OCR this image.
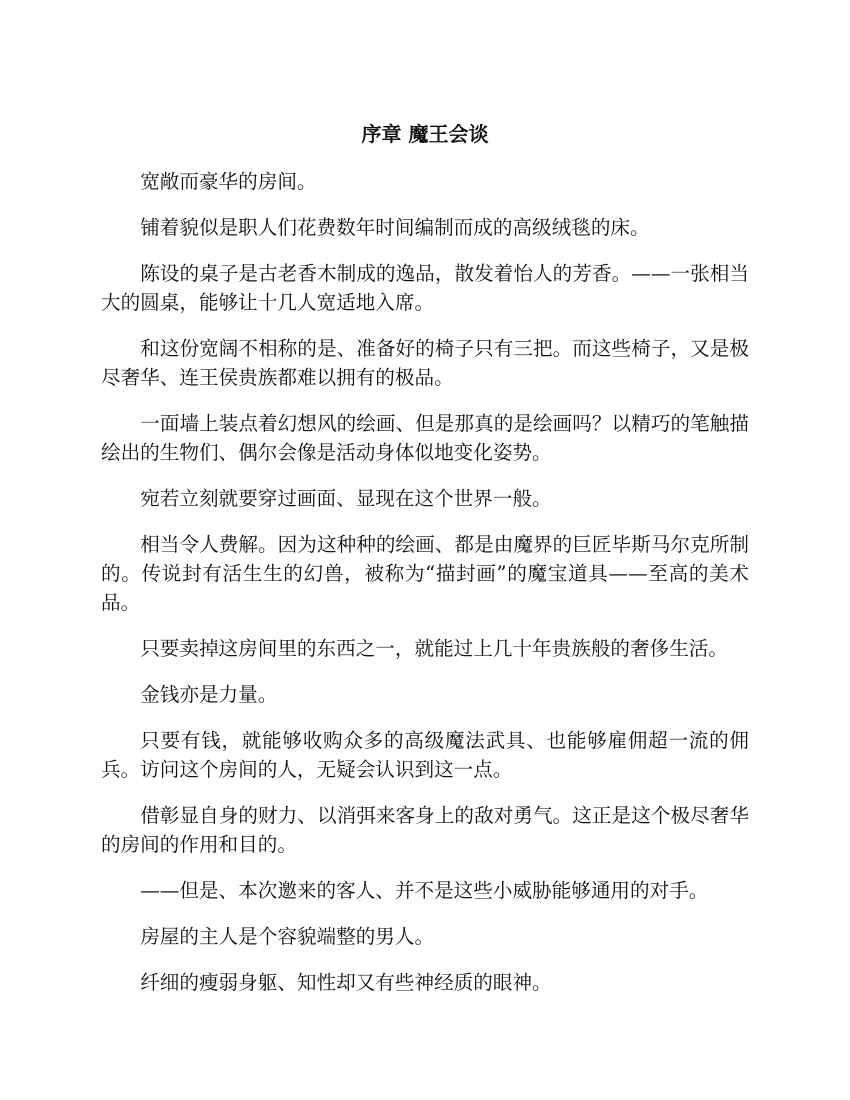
序章 魔王会谈

宽敞而豪华的房间。

铺着貌似是职人们花费数年时间编制而成的高级绒毯的床。

陈设的桌子是古老香木制成的逸品，散发着怡人的芳香。——一张相当大的圆桌，能够让十几人宽适地入席。

和这份宽阔不相称的是、准备好的椅子只有三把。而这些椅子，又是极尽奢华、连王侯贵族都难以拥有的极品。

一面墙上装点着幻想风的绘画、但是那真的是绘画吗？以精巧的笔触描绘出的生物们、偶尔会像是活动身体似地变化姿势。

宛若立刻就要穿过画面、显现在这个世界一般。

相当令人费解。因为这种种的绘画、都是由魔界的巨匠毕斯马尔克所制的。传说封有活生生的幻兽，被称为“描封画”的魔宝道具——至高的美术品。

只要卖掉这房间里的东西之一，就能过上几十年贵族般的奢侈生活。

金钱亦是力量。

只要有钱，就能够收购众多的高级魔法武具、也能够雇佣超一流的佣兵。访问这个房间的人，无疑会认识到这一点。

借彰显自身的财力、以消弭来客身上的敌对勇气。这正是这个极尽奢华的房间的作用和目的。

——但是、本次邀来的客人、并不是这些小威胁能够通用的对手。

房屋的主人是个容貌端整的男人。

纤细的瘦弱身躯、知性却又有些神经质的眼神。
